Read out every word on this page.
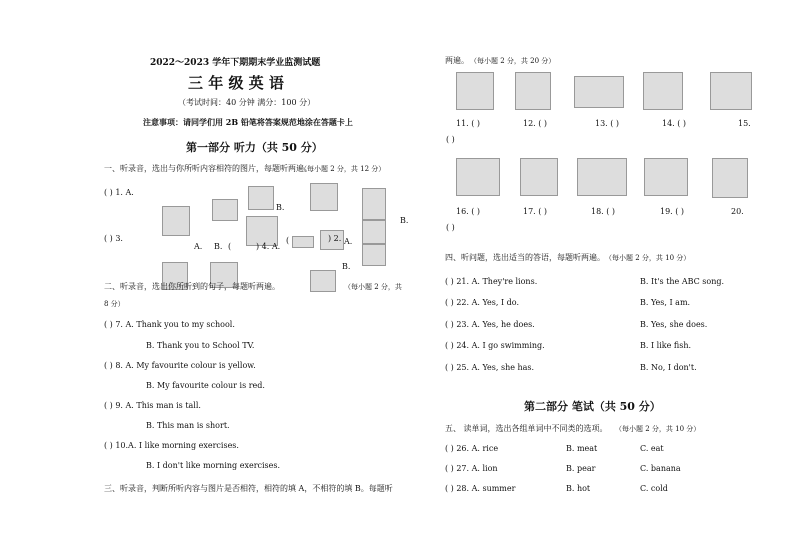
2022～2023 学年下期期末学业监测试题
三 年 级 英 语
（考试时间：40 分钟 满分：100 分）
注意事项：请同学们用 2B 铅笔将答案规范地涂在答题卡上
第一部分 听力（共 50 分）
一、听录音，选出与你所听内容相符的图片，每题听两遍。
（每小题 2 分，共 12 分）
( ) 1. A.
B.
B.
( ) 3.
A. B. (	) 4. A.
(	) 2. A.
B.
二、听录音，选出你所听到的句子，每题听两遍。	（每小题 2 分，共
8 分）
( ) 7. A. Thank you to my school.
B. Thank you to School TV.
( ) 8. A. My favourite colour is yellow.
B. My favourite colour is red.
( ) 9. A. This man is tall.
B. This man is short.
( ) 10.A. I like morning exercises.
B. I don't like morning exercises.
三、听录音，判断所听内容与图片是否相符，相符的填 A，不相符的填 B。每题听
两遍。 （每小题 2 分，共 20 分）
11. ( )	12. ( )	13. ( )	14. ( )	15.
( )
16. ( )	17. ( )	18. ( )	19. ( )	20.
( )
四、听问题，选出适当的答语，每题听两遍。 （每小题 2 分，共 10 分）
( ) 21. A. They're lions.	B. It's the ABC song.
( ) 22. A. Yes, I do.	B. Yes, I am.
( ) 23. A. Yes, he does.	B. Yes, she does.
( ) 24. A. I go swimming.	B. I like fish.
( ) 25. A. Yes, she has.	B. No, I don't.
第二部分 笔试（共 50 分）
五、 读单词，选出各组单词中不同类的选项。 （每小题 2 分，共 10 分）
( ) 26. A. rice	B. meat	C. eat
( ) 27. A. lion	B. pear	C. banana
( ) 28. A. summer	B. hot	C. cold
